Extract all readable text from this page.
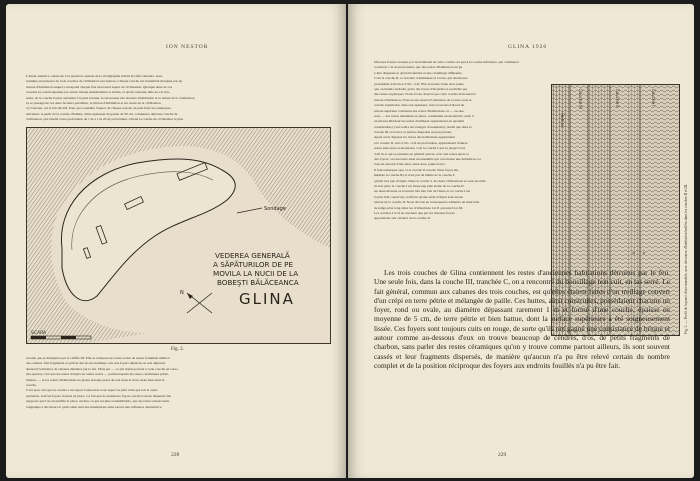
ION NESTOR
L'étude attentive consacrée à la question capitale de la stratigraphie établit les faits suivants: nous
sommes en présence de trois couches de civilisation successives. Chaque couche est clairement marquée par un
niveau d'habitation auquel correspond chaque fois un nouvel aspect de civilisation. Quoique deux de ces
couches ne soient séparées par aucun niveau intermédiaire et stérile, et qu'un contraste aille en s'accen-
tuant, de la couche la plus ancienne à la plus récente, la succession des niveaux d'habitation et la nature de la civilisation
la, le passage de ces deux facteurs parallèles, le niveau d'habitation et les restes de la civilisation
s'y trouvent, est le fait décisif. Pour qui considère l'aspect de chaque couche on peut faire les remarques
suivantes: A partir de la couche d'humus, d'une épaisseur moyenne de 30 cm, commence déjà une couche de
civilisation, qui s'étend à une profondeur de 1 m à 1 m 20 de profondeur, s'étend la couche de civilisation la plus
Sondage
VEDEREA GENERALĂ
A SĂPĂTURILOR DE PE
MOVILA LA NUCII DE LA
BOBEŞTI BĂLĂCEANCA
GLINA
N
SCARA
Fig. 2.
récente que je désignerai par le chiffre III. Elle se compose de toutes sortes de restes fortement mêlés à
des cendres. Des fragments et parfois des tas de bouillage cuit, des foyers déplacés ou non déplacés
attestent l'existence de cabanes détruites par le feu. Mais par — ce qui donne partout à cette couche un carac-
tère spécial, c'est que les restes d'objets de toutes sortes — parmi lesquels les restes céramiques prédo-
minent, — et les restes d'habitations ne gisent presque point du tout dans le terre, mais bien dans la
couche.
C'est pour cela que la couche a un aspect bouleversé et un aspect le plus varié qui soit et assez
perturbés, sauf les foyers trouvés en place. Le fait que de nombreux foyers ont été trouvés dispersés fait
supposer que l'on ait pétrifié la place, un lieu, ce qui est plus vraisemblable, que les restes soient restés
longtemps à découvert et qu'ils aient subi des intempéries ainsi exercé leur influence destructrice.
228
GLINA 1926
Diverses fosses creusées par les habitants de cette couche ont percé la couche inférieure, qui commence
à environ 1 m de profondeur; que des restes d'habitation ont pu
y être dispersés et qu'un inventaire et une céramique différents.
C'est la couche II, à caractère volumineux et à terre, qui atteint une
profondeur d'environ 2,50—3 m. Elle se forme d'une terre jaune
qui, en maints endroits, porte des traces d'incendie et est mêlée par
des restes organiques. Nous avons observé que cette couche était aussi le
niveau d'habitation. Nous avons observé l'existence de la terre sous la
couche supérieure; dans son épaisseur, nous trouvons d'abord un
niveau supérieur contenant des restes d'habitations, et — au-des-
sous — des restes nettement en place, constituant un inventaire varié: à
un niveau inférieur les restes d'animaux apparaissent en quantité
considérable (c'est-à-dire les vestiges d'ossements), tandis que dans la
couche III on trouve et parfois dispersés un peu partout.
Après avoir dépassé les traces des habitations appartenant
à la couche II, vers 2,50—3 m de profondeur, apparaissent d'autres
restes plus rares et modernes; c'est la couche I qui va jusqu'à vers
3,50 m et qui se présente en général pauvre, avec des restes épars et
des foyers; on rencontre ainsi un ensemble qui caractérise une habitation. Le
tout est entouré d'une terre assez dure, jaune-foncé.
Il faut remarquer que, si la couche II couche d'une façon im-
médiate la couche III, il n'est pas de même de la couche I:
qu'elle très peu d'objets. Dans la couche I, les deux civilisations se sont succédé
de très près; la couche I est beaucoup plus isolée de la couche II:
les deux niveaux se trouvent très loin l'un de l'autre et la couche I est
la plus mal conservée, n'offrant qu'une série d'objets sans aucun
niveau de la couche II. Nous devons en conséquence admettre un intervalle
de temps plus long entre les civilisations I et II qu'entre II et III.
Les couches I et II ne touchent que par les diverses fosses
appartenant aux cabanes de la couche II.
Humus
Couche III	Couche II	Couche I
Fig. 3. — Profil de la paroi d'une tranchée, avec des traces d'habitation brûlées dans les couches II et III.
* *

Les trois couches de Glina contiennent les restes d'anciennes habitations détruites par le feu. Une seule fois, dans la couche III, tranchée C, on a rencontré du bousillage non cuit, en tas serré. Le fait général, commun aux cabanes des trois couches, est qu'elles étaient faites d'un treillage couvert d'un crépi en terre pétrie et mélangée de paille. Ces huttes, ainsi construites, possédaient chacune un foyer, rond ou ovale, au diamètre dépassant rarement 1 m et formé d'une couche, épaisse en moyenne de 5 cm, de terre pétrie et bien battue, dont la surface supérieure a été soigneusement lissée. Ces foyers sont toujours cuits en rouge, de sorte qu'ils ont gagné une consistance de brique et autour comme au-dessous d'eux on trouve beaucoup de cendres, d'os, de petits fragments de charbon, sans parler des restes céramiques qu'on y trouve comme partout ailleurs, ils sont souvent cassés et leur fragments dispersés, de manière qu'aucun n'a pu être relevé certain du nombre complet et de la position réciproque des foyers aux endroits fouillés n'a pu être fait.

229
